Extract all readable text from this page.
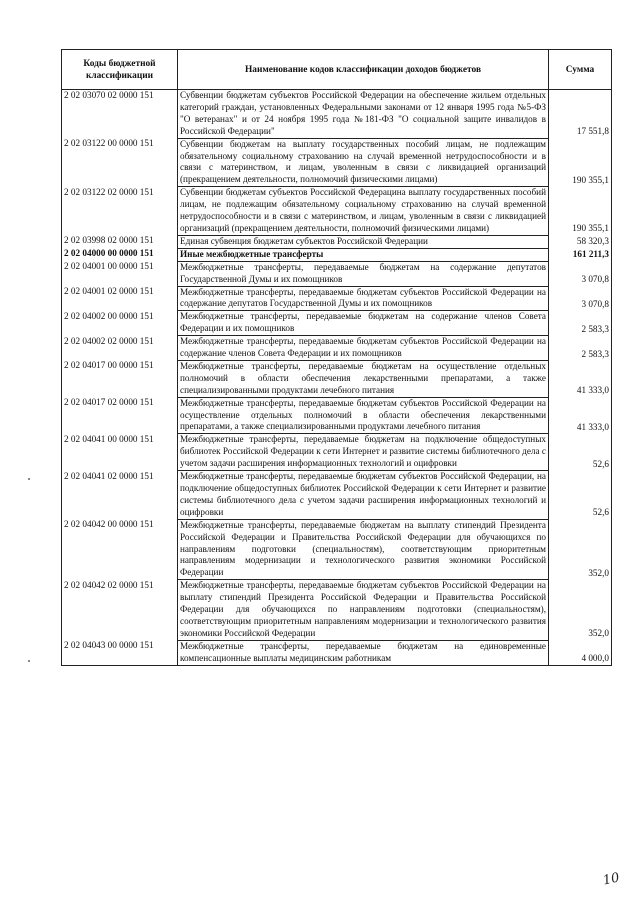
Коды бюджетной классификации	Наименование кодов классификации доходов бюджетов	Сумма
2 02 03070 02 0000 151	Субвенции бюджетам субъектов Российской Федерации на обеспечение жильем отдельных категорий граждан, установленных Федеральными законами от 12 января 1995 года №5-ФЗ "О ветеранах" и от 24 ноября 1995 года №181-ФЗ "О социальной защите инвалидов в Российской Федерации"	17 551,8
2 02 03122 00 0000 151	Субвенции бюджетам на выплату государственных пособий лицам, не подлежащим обязательному социальному страхованию на случай временной нетрудоспособности и в связи с материнством, и лицам, уволенным в связи с ликвидацией организаций (прекращением деятельности, полномочий физическими лицами)	190 355,1
2 02 03122 02 0000 151	Субвенции бюджетам субъектов Российской Федерацина выплату государственных пособий лицам, не подлежащим обязательному социальному страхованию на случай временной нетрудоспособности и в связи с материнством, и лицам, уволенным в связи с ликвидацией организаций (прекращением деятельности, полномочий физическими лицами)	190 355,1
2 02 03998 02 0000 151	Единая субвенция бюджетам субъектов Российской Федерации	58 320,3
2 02 04000 00 0000 151	Иные межбюджетные трансферты	161 211,3
2 02 04001 00 0000 151	Межбюджетные трансферты, передаваемые бюджетам на содержание депутатов Государственной Думы и их помощников	3 070,8
2 02 04001 02 0000 151	Межбюджетные трансферты, передаваемые бюджетам субъектов Российской Федерации на содержание депутатов Государственной Думы и их помощников	3 070,8
2 02 04002 00 0000 151	Межбюджетные трансферты, передаваемые бюджетам на содержание членов Совета Федерации и их помощников	2 583,3
2 02 04002 02 0000 151	Межбюджетные трансферты, передаваемые бюджетам субъектов Российской Федерации на содержание членов Совета Федерации и их помощников	2 583,3
2 02 04017 00 0000 151	Межбюджетные трансферты, передаваемые бюджетам на осуществление отдельных полномочий в области обеспечения лекарственными препаратами, а также специализированными продуктами лечебного питания	41 333,0
2 02 04017 02 0000 151	Межбюджетные трансферты, передаваемые бюджетам субъектов Российской Федерации на осуществление отдельных полномочий в области обеспечения лекарственными препаратами, а также специализированными продуктами лечебного питания	41 333,0
2 02 04041 00 0000 151	Межбюджетные трансферты, передаваемые бюджетам на подключение общедоступных библиотек Российской Федерации к сети Интернет и развитие системы библиотечного дела с учетом задачи расширения информационных технологий и оцифровки	52,6
2 02 04041 02 0000 151	Межбюджетные трансферты, передаваемые бюджетам субъектов Российской Федерации, на подключение общедоступных библиотек Российской Федерации к сети Интернет и развитие системы библиотечного дела с учетом задачи расширения информационных технологий и оцифровки	52,6
2 02 04042 00 0000 151	Межбюджетные трансферты, передаваемые бюджетам на выплату стипендий Президента Российской Федерации и Правительства Российской Федерации для обучающихся по направлениям подготовки (специальностям), соответствующим приоритетным направлениям модернизации и технологического развития экономики Российской Федерации	352,0
2 02 04042 02 0000 151	Межбюджетные трансферты, передаваемые бюджетам субъектов Российской Федерации на выплату стипендий Президента Российской Федерации и Правительства Российской Федерации для обучающихся по направлениям подготовки (специальностям), соответствующим приоритетным направлениям модернизации и технологического развития экономики Российской Федерации	352,0
2 02 04043 00 0000 151	Межбюджетные трансферты, передаваемые бюджетам на единовременные компенсационные выплаты медицинским работникам	4 000,0
10
